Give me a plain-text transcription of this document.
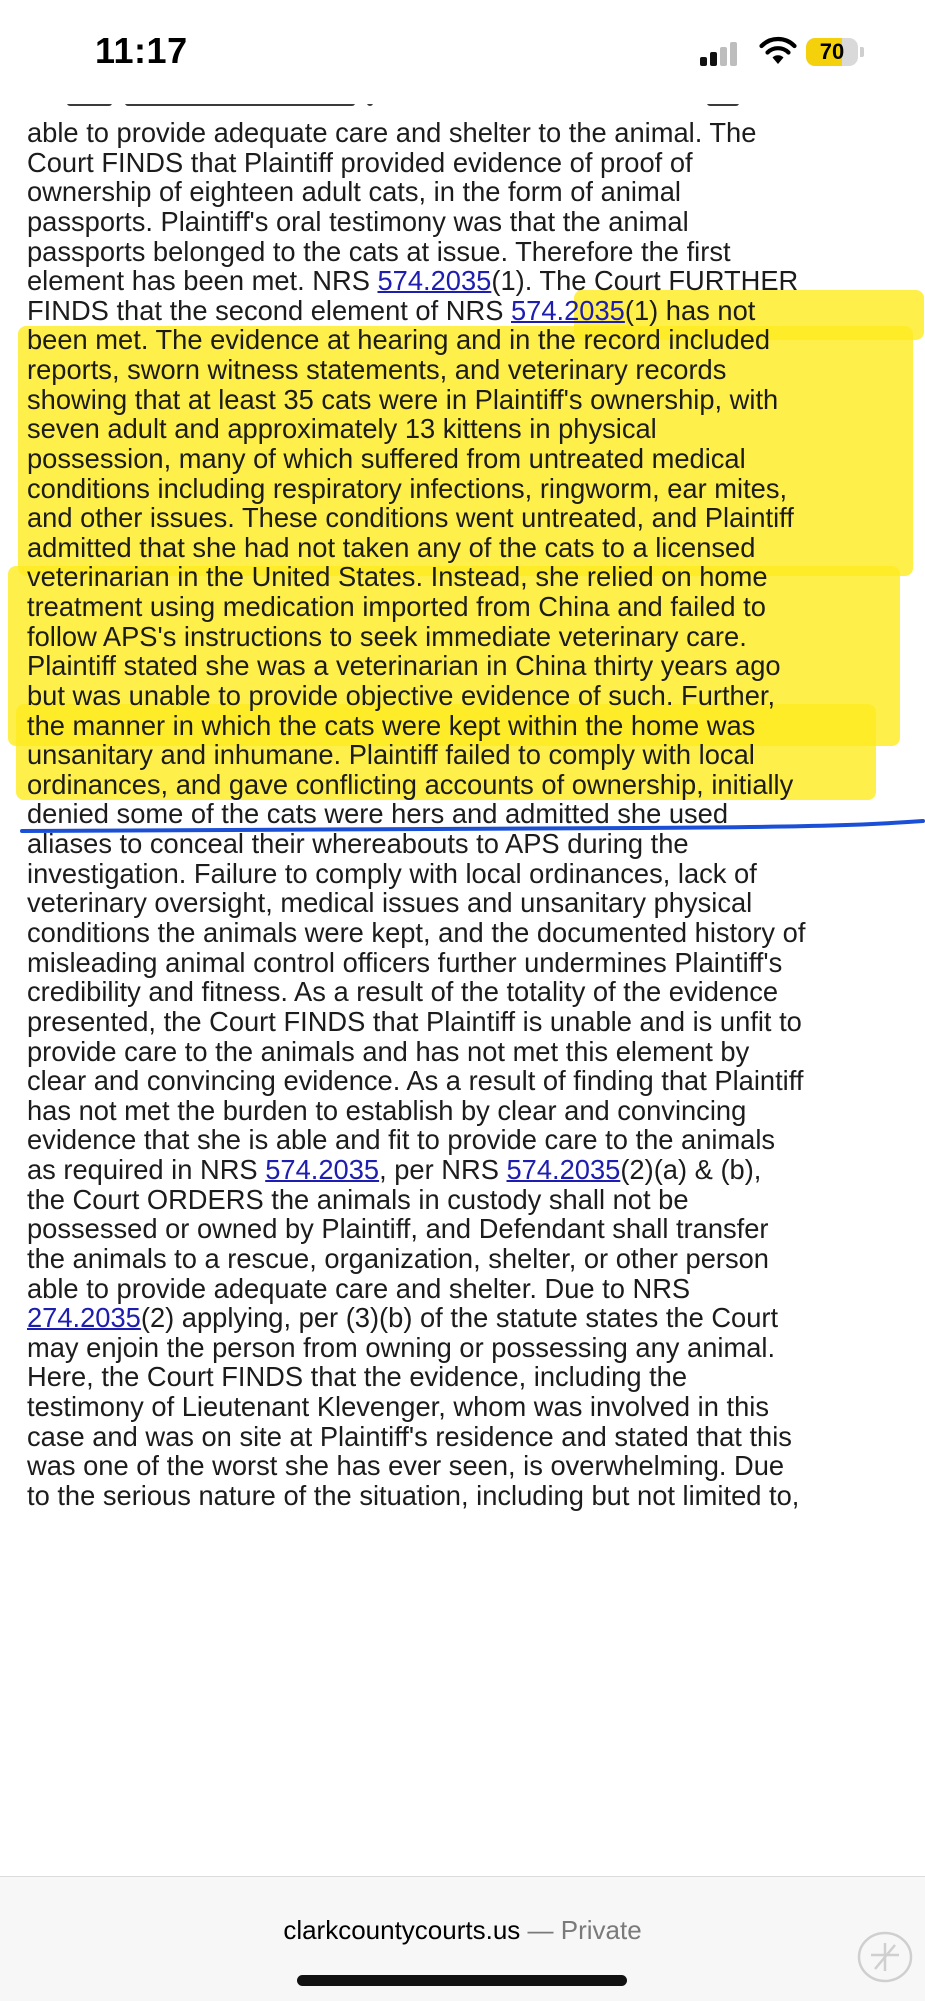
11:17	70
able to provide adequate care and shelter to the animal. The
Court FINDS that Plaintiff provided evidence of proof of
ownership of eighteen adult cats, in the form of animal
passports. Plaintiff's oral testimony was that the animal
passports belonged to the cats at issue. Therefore the first
element has been met. NRS 574.2035(1). The Court FURTHER
FINDS that the second element of NRS 574.2035(1) has not
been met. The evidence at hearing and in the record included
reports, sworn witness statements, and veterinary records
showing that at least 35 cats were in Plaintiff's ownership, with
seven adult and approximately 13 kittens in physical
possession, many of which suffered from untreated medical
conditions including respiratory infections, ringworm, ear mites,
and other issues. These conditions went untreated, and Plaintiff
admitted that she had not taken any of the cats to a licensed
veterinarian in the United States. Instead, she relied on home
treatment using medication imported from China and failed to
follow APS's instructions to seek immediate veterinary care.
Plaintiff stated she was a veterinarian in China thirty years ago
but was unable to provide objective evidence of such. Further,
the manner in which the cats were kept within the home was
unsanitary and inhumane. Plaintiff failed to comply with local
ordinances, and gave conflicting accounts of ownership, initially
denied some of the cats were hers and admitted she used
aliases to conceal their whereabouts to APS during the
investigation. Failure to comply with local ordinances, lack of
veterinary oversight, medical issues and unsanitary physical
conditions the animals were kept, and the documented history of
misleading animal control officers further undermines Plaintiff's
credibility and fitness. As a result of the totality of the evidence
presented, the Court FINDS that Plaintiff is unable and is unfit to
provide care to the animals and has not met this element by
clear and convincing evidence. As a result of finding that Plaintiff
has not met the burden to establish by clear and convincing
evidence that she is able and fit to provide care to the animals
as required in NRS 574.2035, per NRS 574.2035(2)(a) & (b),
the Court ORDERS the animals in custody shall not be
possessed or owned by Plaintiff, and Defendant shall transfer
the animals to a rescue, organization, shelter, or other person
able to provide adequate care and shelter. Due to NRS
274.2035(2) applying, per (3)(b) of the statute states the Court
may enjoin the person from owning or possessing any animal.
Here, the Court FINDS that the evidence, including the
testimony of Lieutenant Klevenger, whom was involved in this
case and was on site at Plaintiff's residence and stated that this
was one of the worst she has ever seen, is overwhelming. Due
to the serious nature of the situation, including but not limited to,
clarkcountycourts.us — Private
